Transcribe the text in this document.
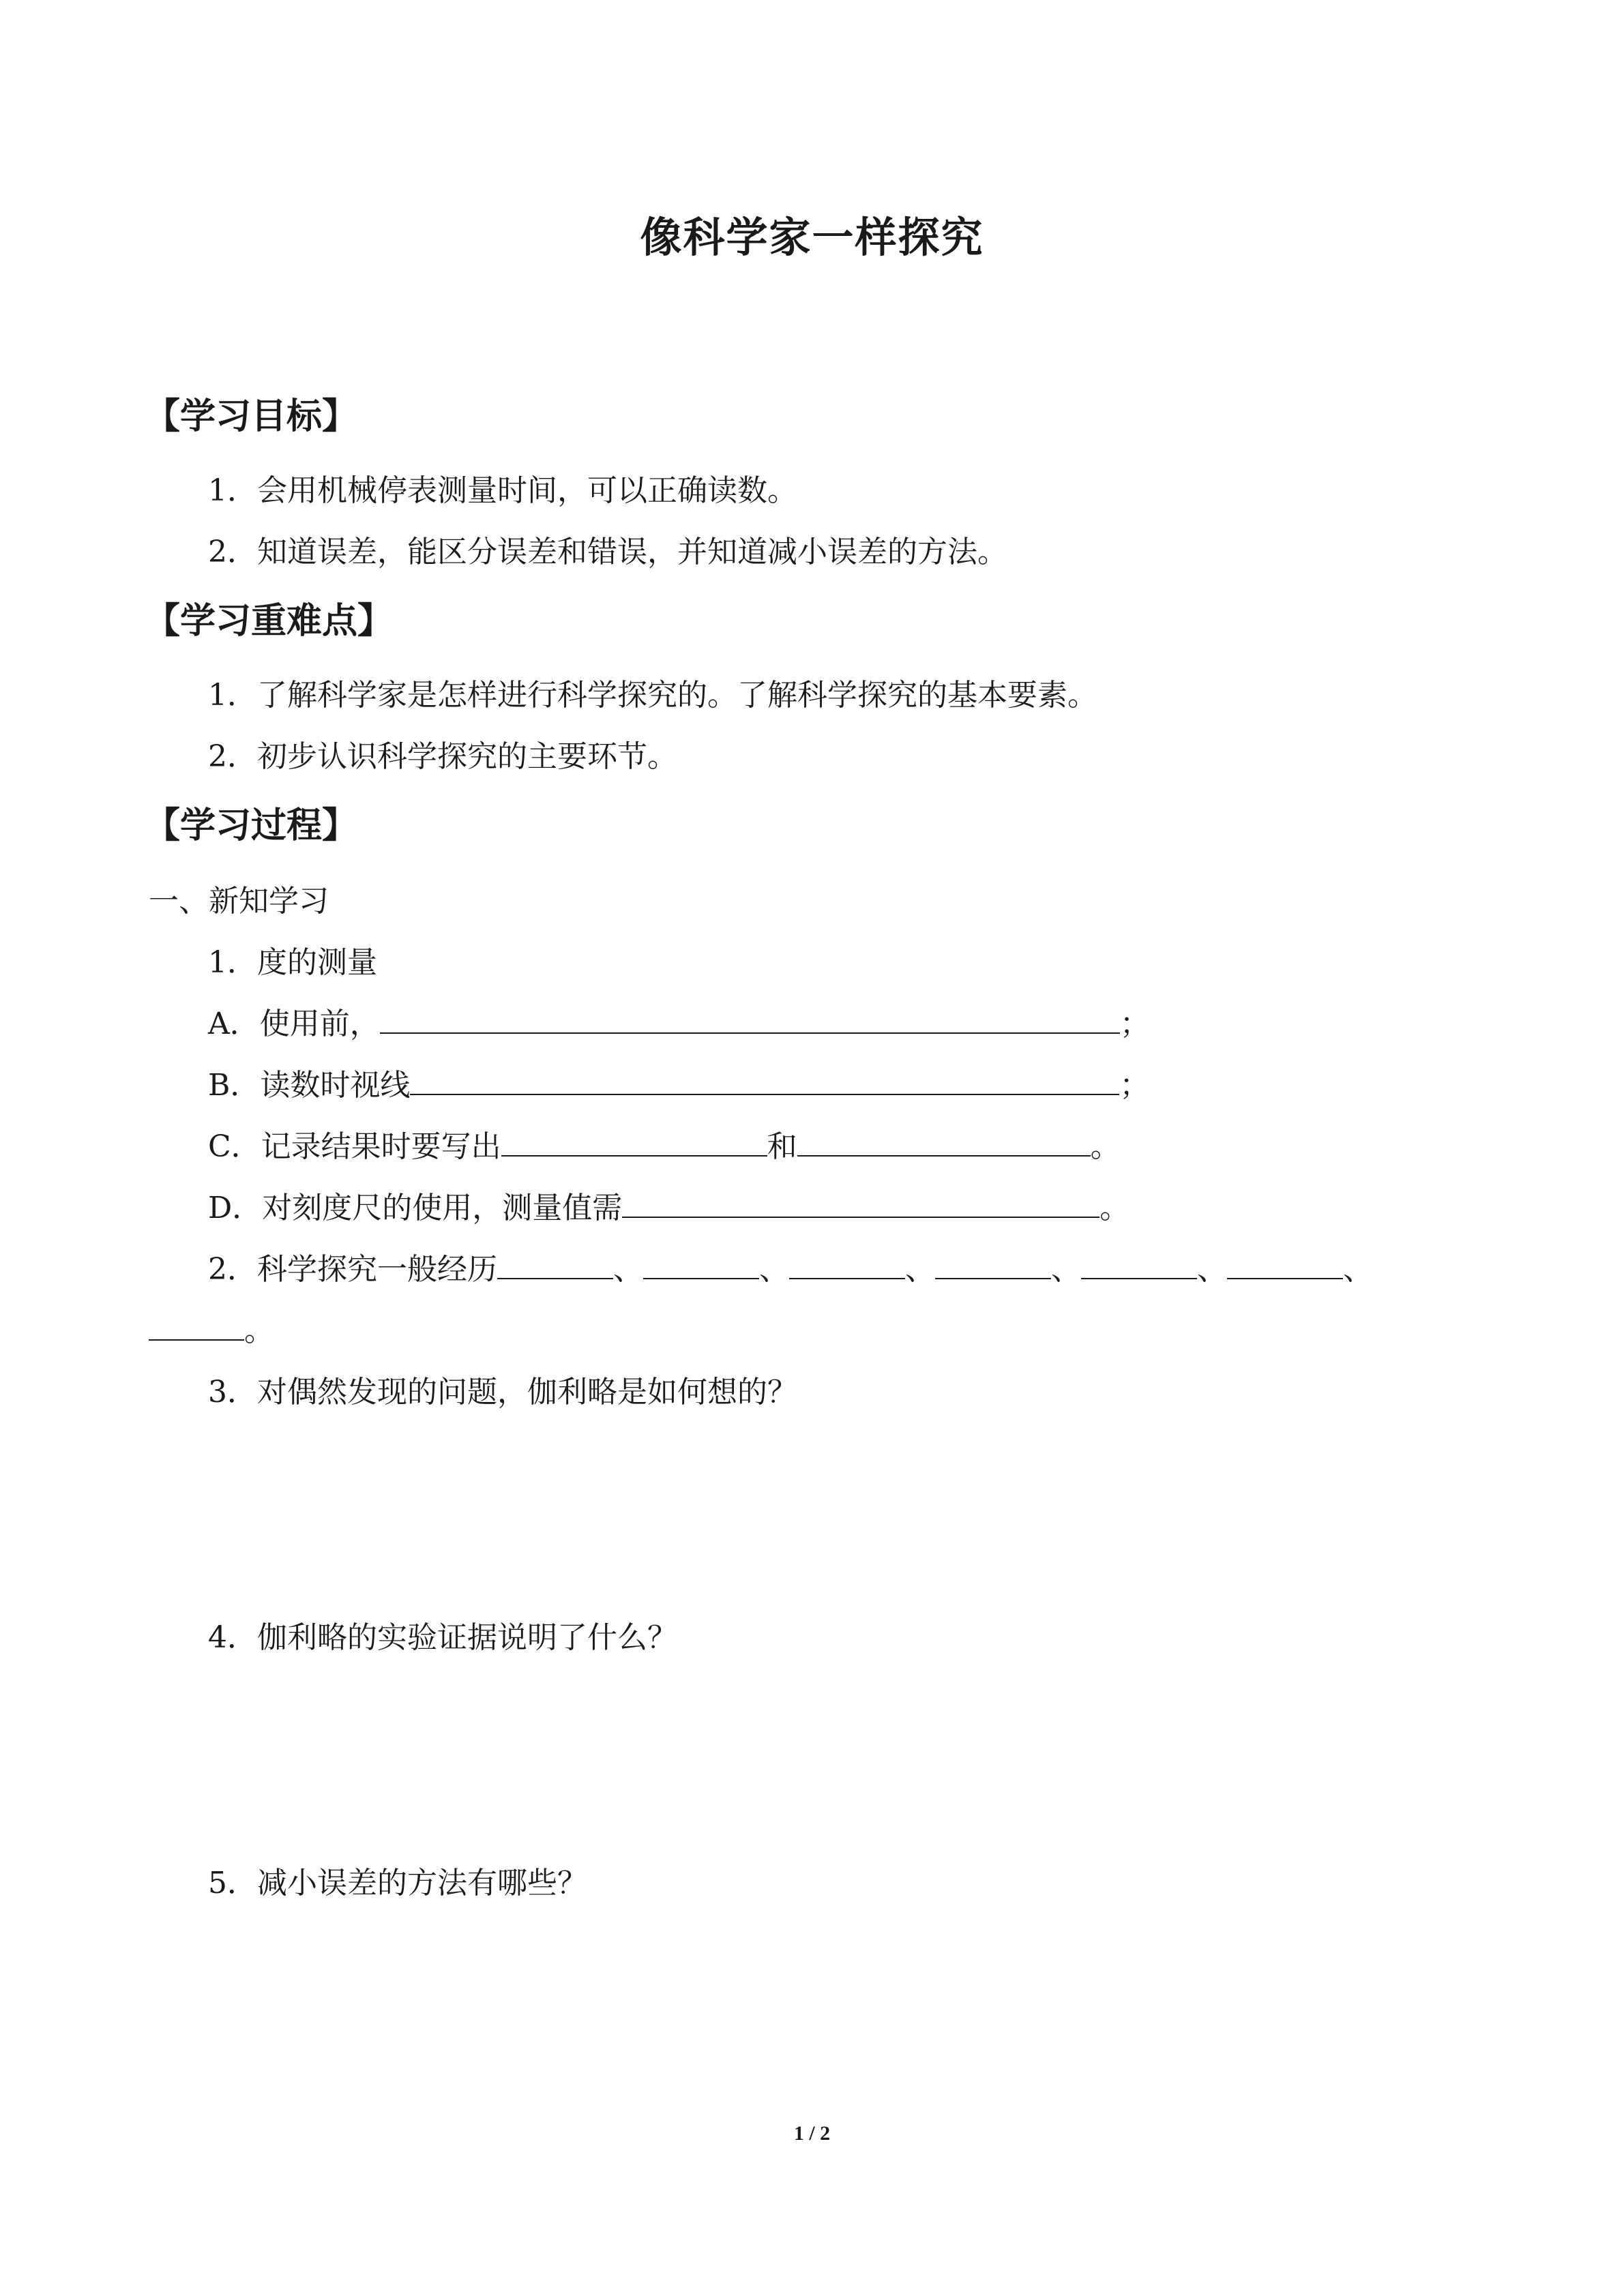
像科学家一样探究
【学习目标】
1．会用机械停表测量时间，可以正确读数。
2．知道误差，能区分误差和错误，并知道减小误差的方法。
【学习重难点】
1．了解科学家是怎样进行科学探究的。了解科学探究的基本要素。
2．初步认识科学探究的主要环节。
【学习过程】
一、新知学习
1．度的测量
A．使用前，	；
B．读数时视线	；
C．记录结果时要写出	和	。
D．对刻度尺的使用，测量值需	。
2．科学探究一般经历	、	、	、	、	、	、
。
3．对偶然发现的问题，伽利略是如何想的？
4．伽利略的实验证据说明了什么？
5．减小误差的方法有哪些？
1 / 2
